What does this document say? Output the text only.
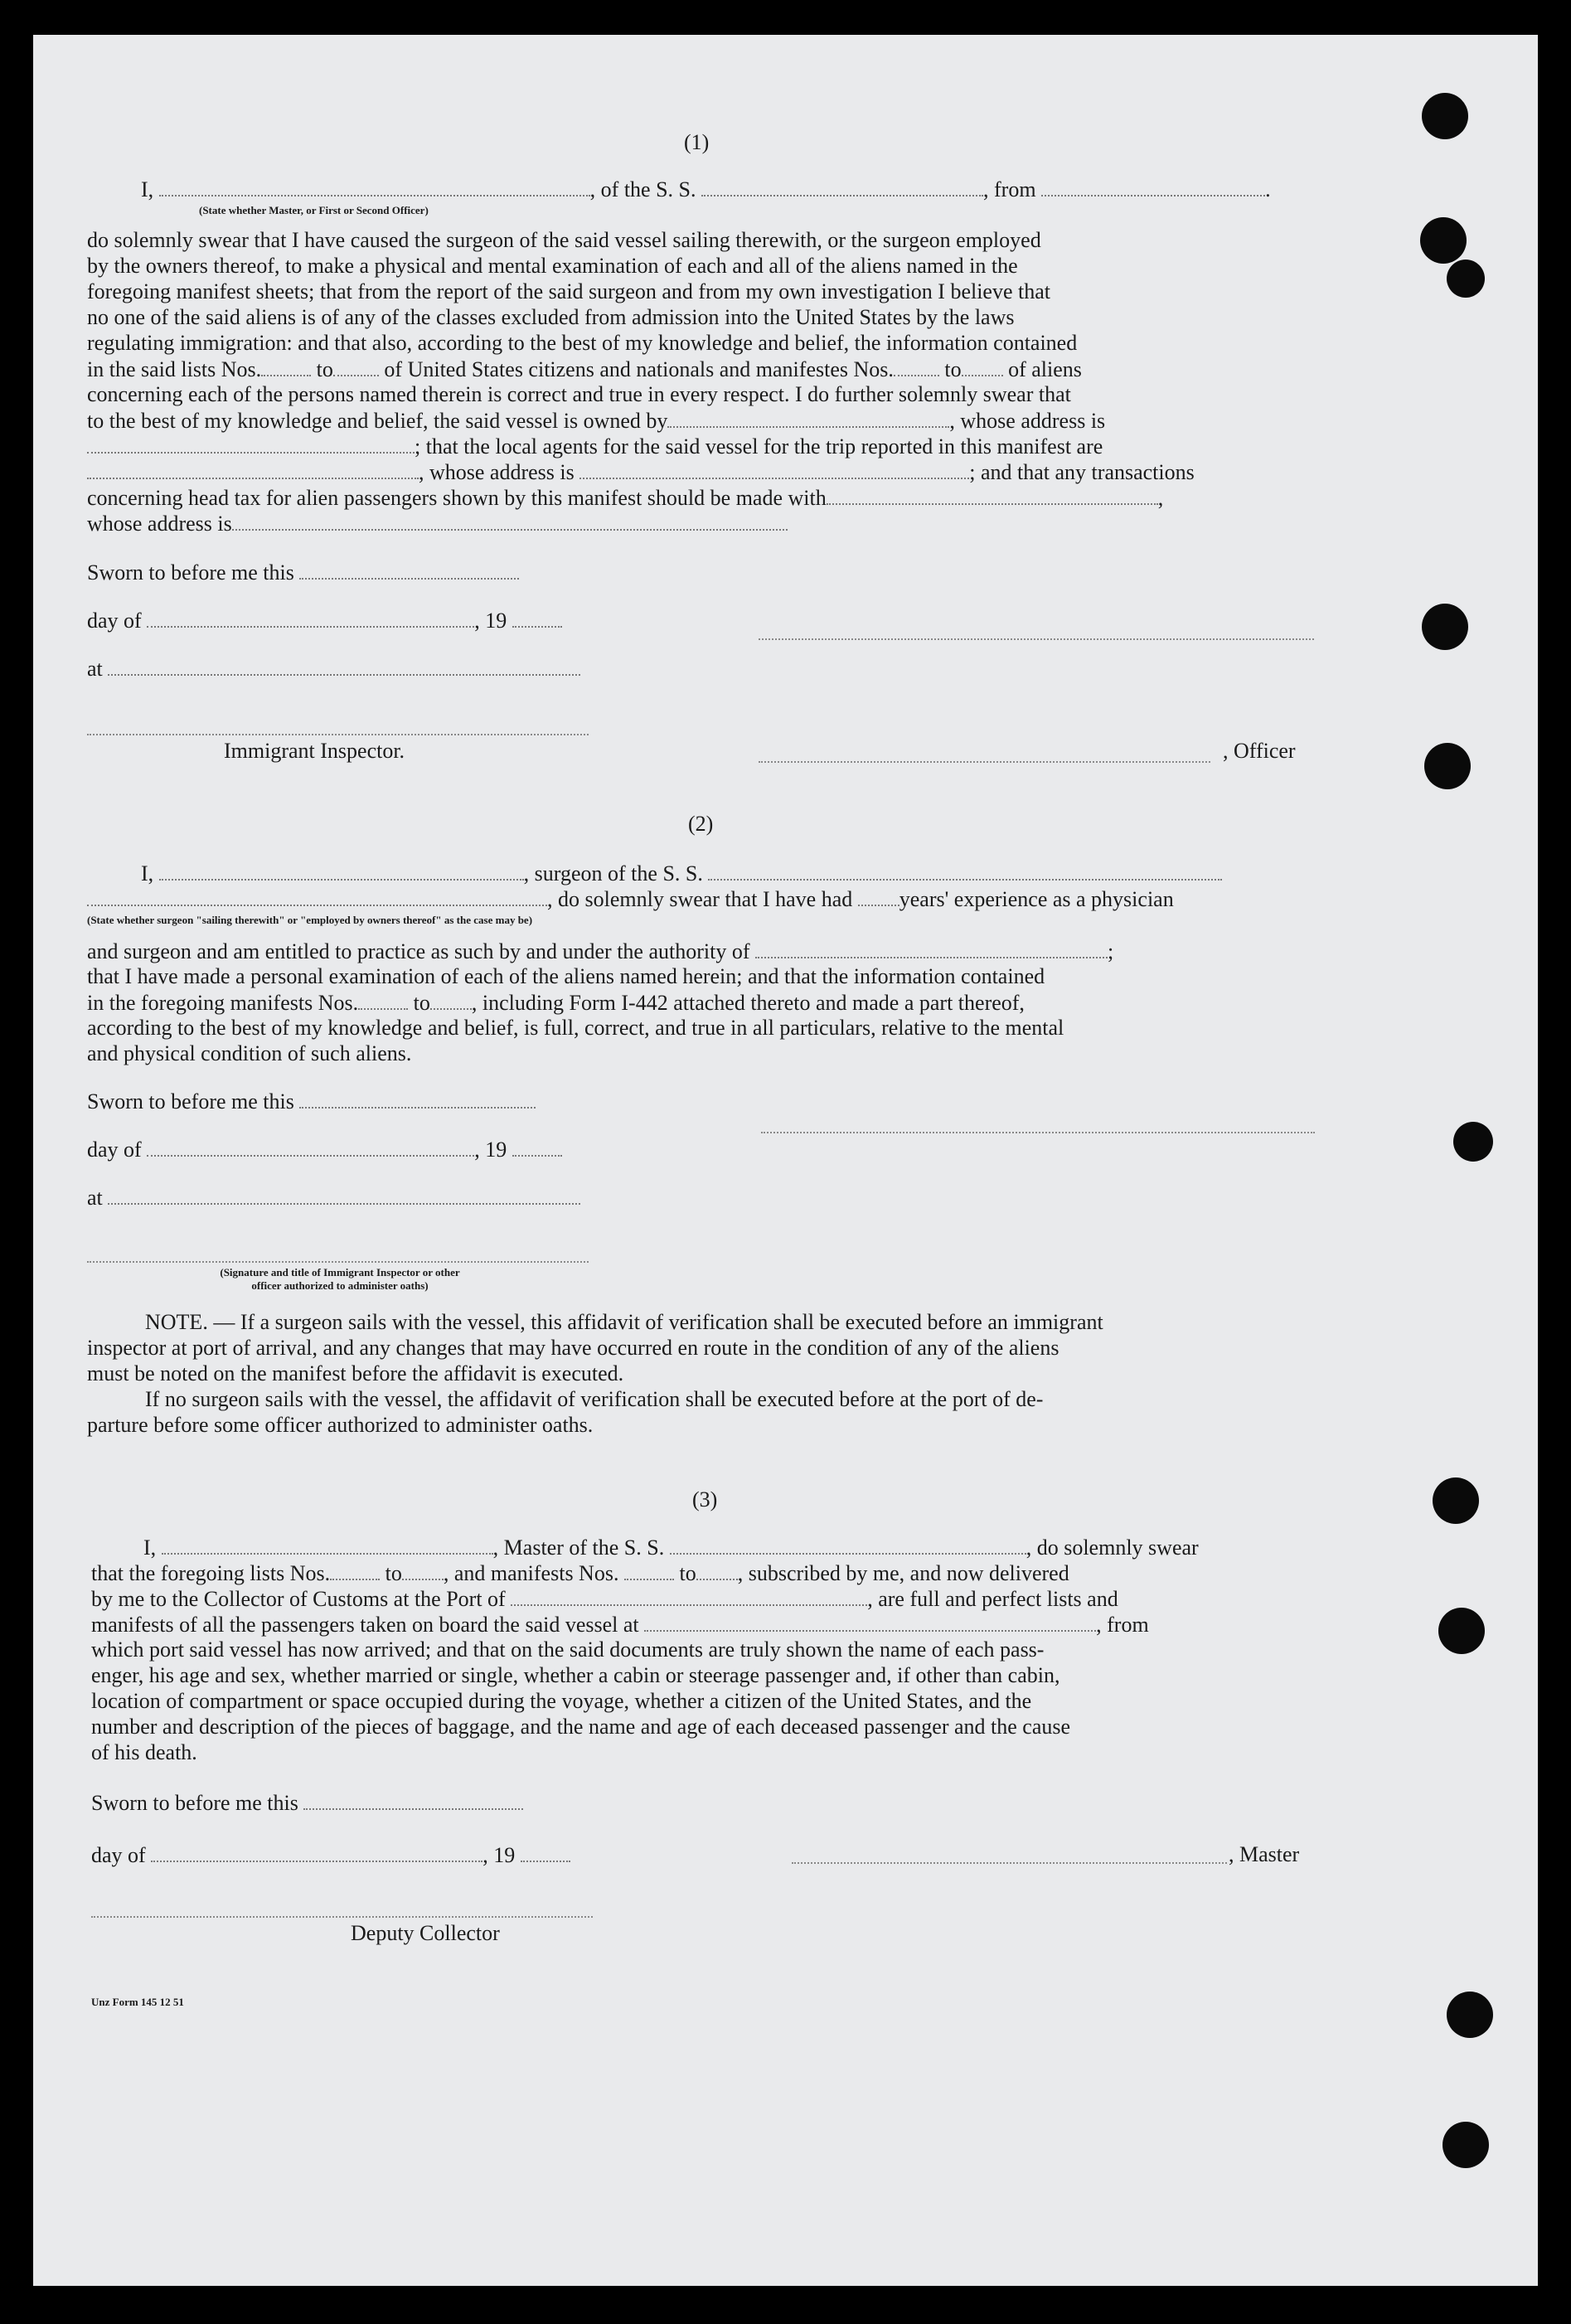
(1)
I,	, of the S. S.	, from	.
(State whether Master, or First or Second Officer)
do solemnly swear that I have caused the surgeon of the said vessel sailing therewith, or the surgeon employed
by the owners thereof, to make a physical and mental examination of each and all of the aliens named in the
foregoing manifest sheets; that from the report of the said surgeon and from my own investigation I believe that
no one of the said aliens is of any of the classes excluded from admission into the United States by the laws
regulating immigration: and that also, according to the best of my knowledge and belief, the information contained
in the said lists Nos.	to of United States citizens and nationals and manifestes Nos. to of aliens
concerning each of the persons named therein is correct and true in every respect. I do further solemnly swear that
to the best of my knowledge and belief, the said vessel is owned by	, whose address is
; that the local agents for the said vessel for the trip reported in this manifest are
, whose address is	; and that any transactions
concerning head tax for alien passengers shown by this manifest should be made with	,
whose address is
Sworn to before me this
day of	, 19
at
Immigrant Inspector.	, Officer
(2)
I,	, surgeon of the S. S.
, do solemnly swear that I have had years' experience as a physician
(State whether surgeon "sailing therewith" or "employed by owners thereof" as the case may be)
and surgeon and am entitled to practice as such by and under the authority of	;
that I have made a personal examination of each of the aliens named herein; and that the information contained
in the foregoing manifests Nos.	to , including Form I-442 attached thereto and made a part thereof,
according to the best of my knowledge and belief, is full, correct, and true in all particulars, relative to the mental
and physical condition of such aliens.
Sworn to before me this
day of	, 19
at
(Signature and title of Immigrant Inspector or other
officer authorized to administer oaths)
NOTE. — If a surgeon sails with the vessel, this affidavit of verification shall be executed before an immigrant
inspector at port of arrival, and any changes that may have occurred en route in the condition of any of the aliens
must be noted on the manifest before the affidavit is executed.
If no surgeon sails with the vessel, the affidavit of verification shall be executed before at the port of de-
parture before some officer authorized to administer oaths.
(3)
I,	, Master of the S. S.	, do solemnly swear
that the foregoing lists Nos.	to , and manifests Nos.	to , subscribed by me, and now delivered
by me to the Collector of Customs at the Port of	, are full and perfect lists and
manifests of all the passengers taken on board the said vessel at	, from
which port said vessel has now arrived; and that on the said documents are truly shown the name of each pass-
enger, his age and sex, whether married or single, whether a cabin or steerage passenger and, if other than cabin,
location of compartment or space occupied during the voyage, whether a citizen of the United States, and the
number and description of the pieces of baggage, and the name and age of each deceased passenger and the cause
of his death.
Sworn to before me this
day of	, 19	, Master
Deputy Collector
Unz Form 145 12 51
